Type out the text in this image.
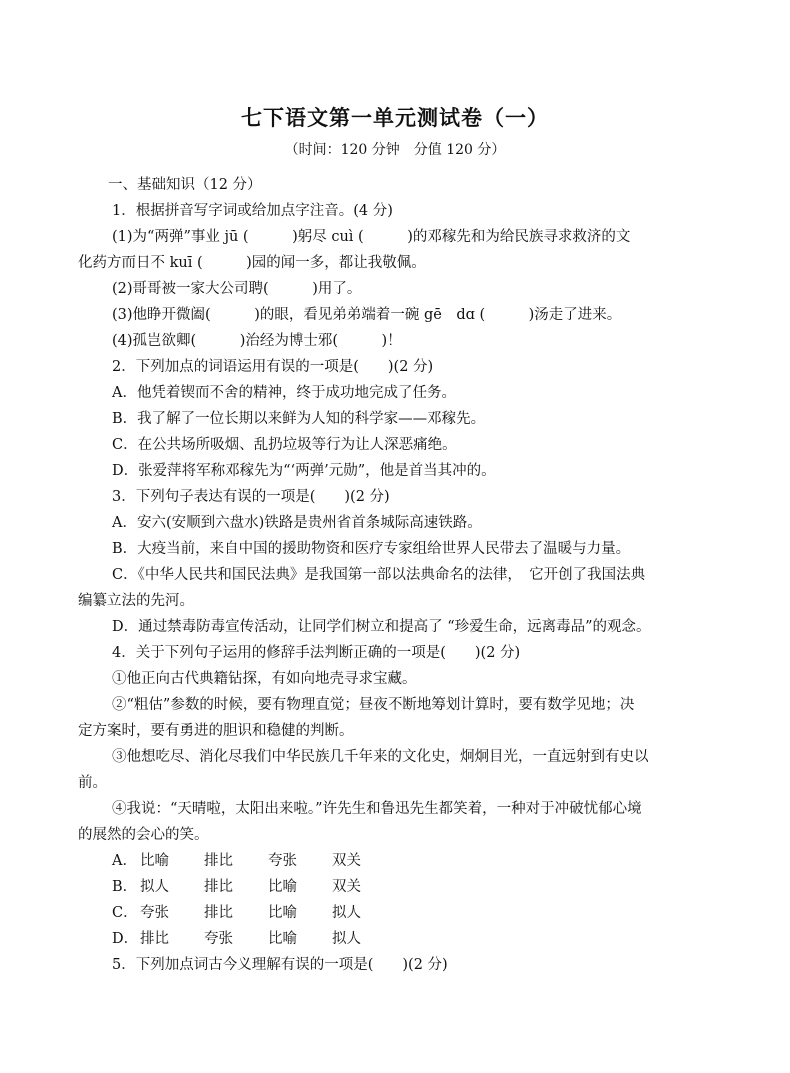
七下语文第一单元测试卷（一）
（时间：120 分钟　分值 120 分）
一、基础知识（12 分）
1．根据拼音写字词或给加点字注音。(4 分)
(1)为“两弹”事业 jū (　　　)躬尽 cuì (　　　)的邓稼先和为给民族寻求救济的文
化药方而日不 kuī (　　　)园的闻一多，都让我敬佩。
(2)哥哥被一家大公司聘(　　　)用了。
(3)他睁开微阖(　　　)的眼，看见弟弟端着一碗 gē　dɑ (　　　)汤走了进来。
(4)孤岂欲卿(　　　)治经为博士邪(　　　)！
2．下列加点的词语运用有误的一项是(　　)(2 分)
A．他凭着锲而不舍的精神，终于成功地完成了任务。
B．我了解了一位长期以来鲜为人知的科学家——邓稼先。
C．在公共场所吸烟、乱扔垃圾等行为让人深恶痛绝。
D．张爱萍将军称邓稼先为“‘两弹’元勋”，他是首当其冲的。
3．下列句子表达有误的一项是(　　)(2 分)
A．安六(安顺到六盘水)铁路是贵州省首条城际高速铁路。
B．大疫当前，来自中国的援助物资和医疗专家组给世界人民带去了温暖与力量。
C．《中华人民共和国民法典》是我国第一部以法典命名的法律，　它开创了我国法典
编纂立法的先河。
D．通过禁毒防毒宣传活动，让同学们树立和提高了 “珍爱生命，远离毒品”的观念。
4．关于下列句子运用的修辞手法判断正确的一项是(　　)(2 分)
①他正向古代典籍钻探，有如向地壳寻求宝藏。
②“粗估”参数的时候，要有物理直觉；昼夜不断地筹划计算时，要有数学见地；决
定方案时，要有勇进的胆识和稳健的判断。
③他想吃尽、消化尽我们中华民族几千年来的文化史，炯炯目光，一直远射到有史以
前。
④我说：“天晴啦，太阳出来啦。”许先生和鲁迅先生都笑着，一种对于冲破忧郁心境
的展然的会心的笑。
A． 比喻 排比 夸张 双关
B． 拟人 排比 比喻 双关
C． 夸张 排比 比喻 拟人
D． 排比 夸张 比喻 拟人
5．下列加点词古今义理解有误的一项是(　　)(2 分)
